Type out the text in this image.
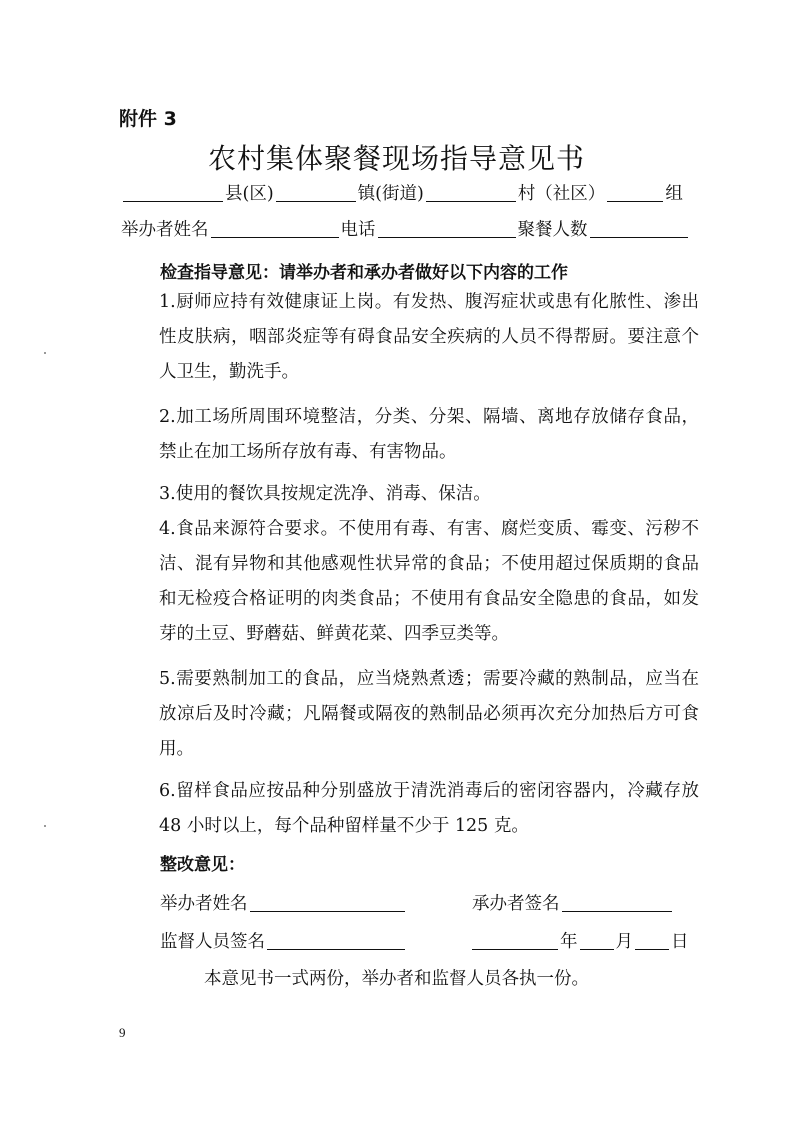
附件 3
农村集体聚餐现场指导意见书
县(区)	镇(街道)	村（社区）	组
举办者姓名	电话	聚餐人数
检查指导意见：请举办者和承办者做好以下内容的工作
1.厨师应持有效健康证上岗。有发热、腹泻症状或患有化脓性、渗出性皮肤病，咽部炎症等有碍食品安全疾病的人员不得帮厨。要注意个人卫生，勤洗手。
2.加工场所周围环境整洁，分类、分架、隔墙、离地存放储存食品，禁止在加工场所存放有毒、有害物品。
3.使用的餐饮具按规定洗净、消毒、保洁。
4.食品来源符合要求。不使用有毒、有害、腐烂变质、霉变、污秽不洁、混有异物和其他感观性状异常的食品；不使用超过保质期的食品和无检疫合格证明的肉类食品；不使用有食品安全隐患的食品，如发芽的土豆、野蘑菇、鲜黄花菜、四季豆类等。
5.需要熟制加工的食品，应当烧熟煮透；需要冷藏的熟制品，应当在放凉后及时冷藏；凡隔餐或隔夜的熟制品必须再次充分加热后方可食用。
6.留样食品应按品种分别盛放于清洗消毒后的密闭容器内，冷藏存放 48 小时以上，每个品种留样量不少于 125 克。
整改意见：
举办者姓名	承办者签名
监督人员签名	年 月 日
本意见书一式两份，举办者和监督人员各执一份。
9
